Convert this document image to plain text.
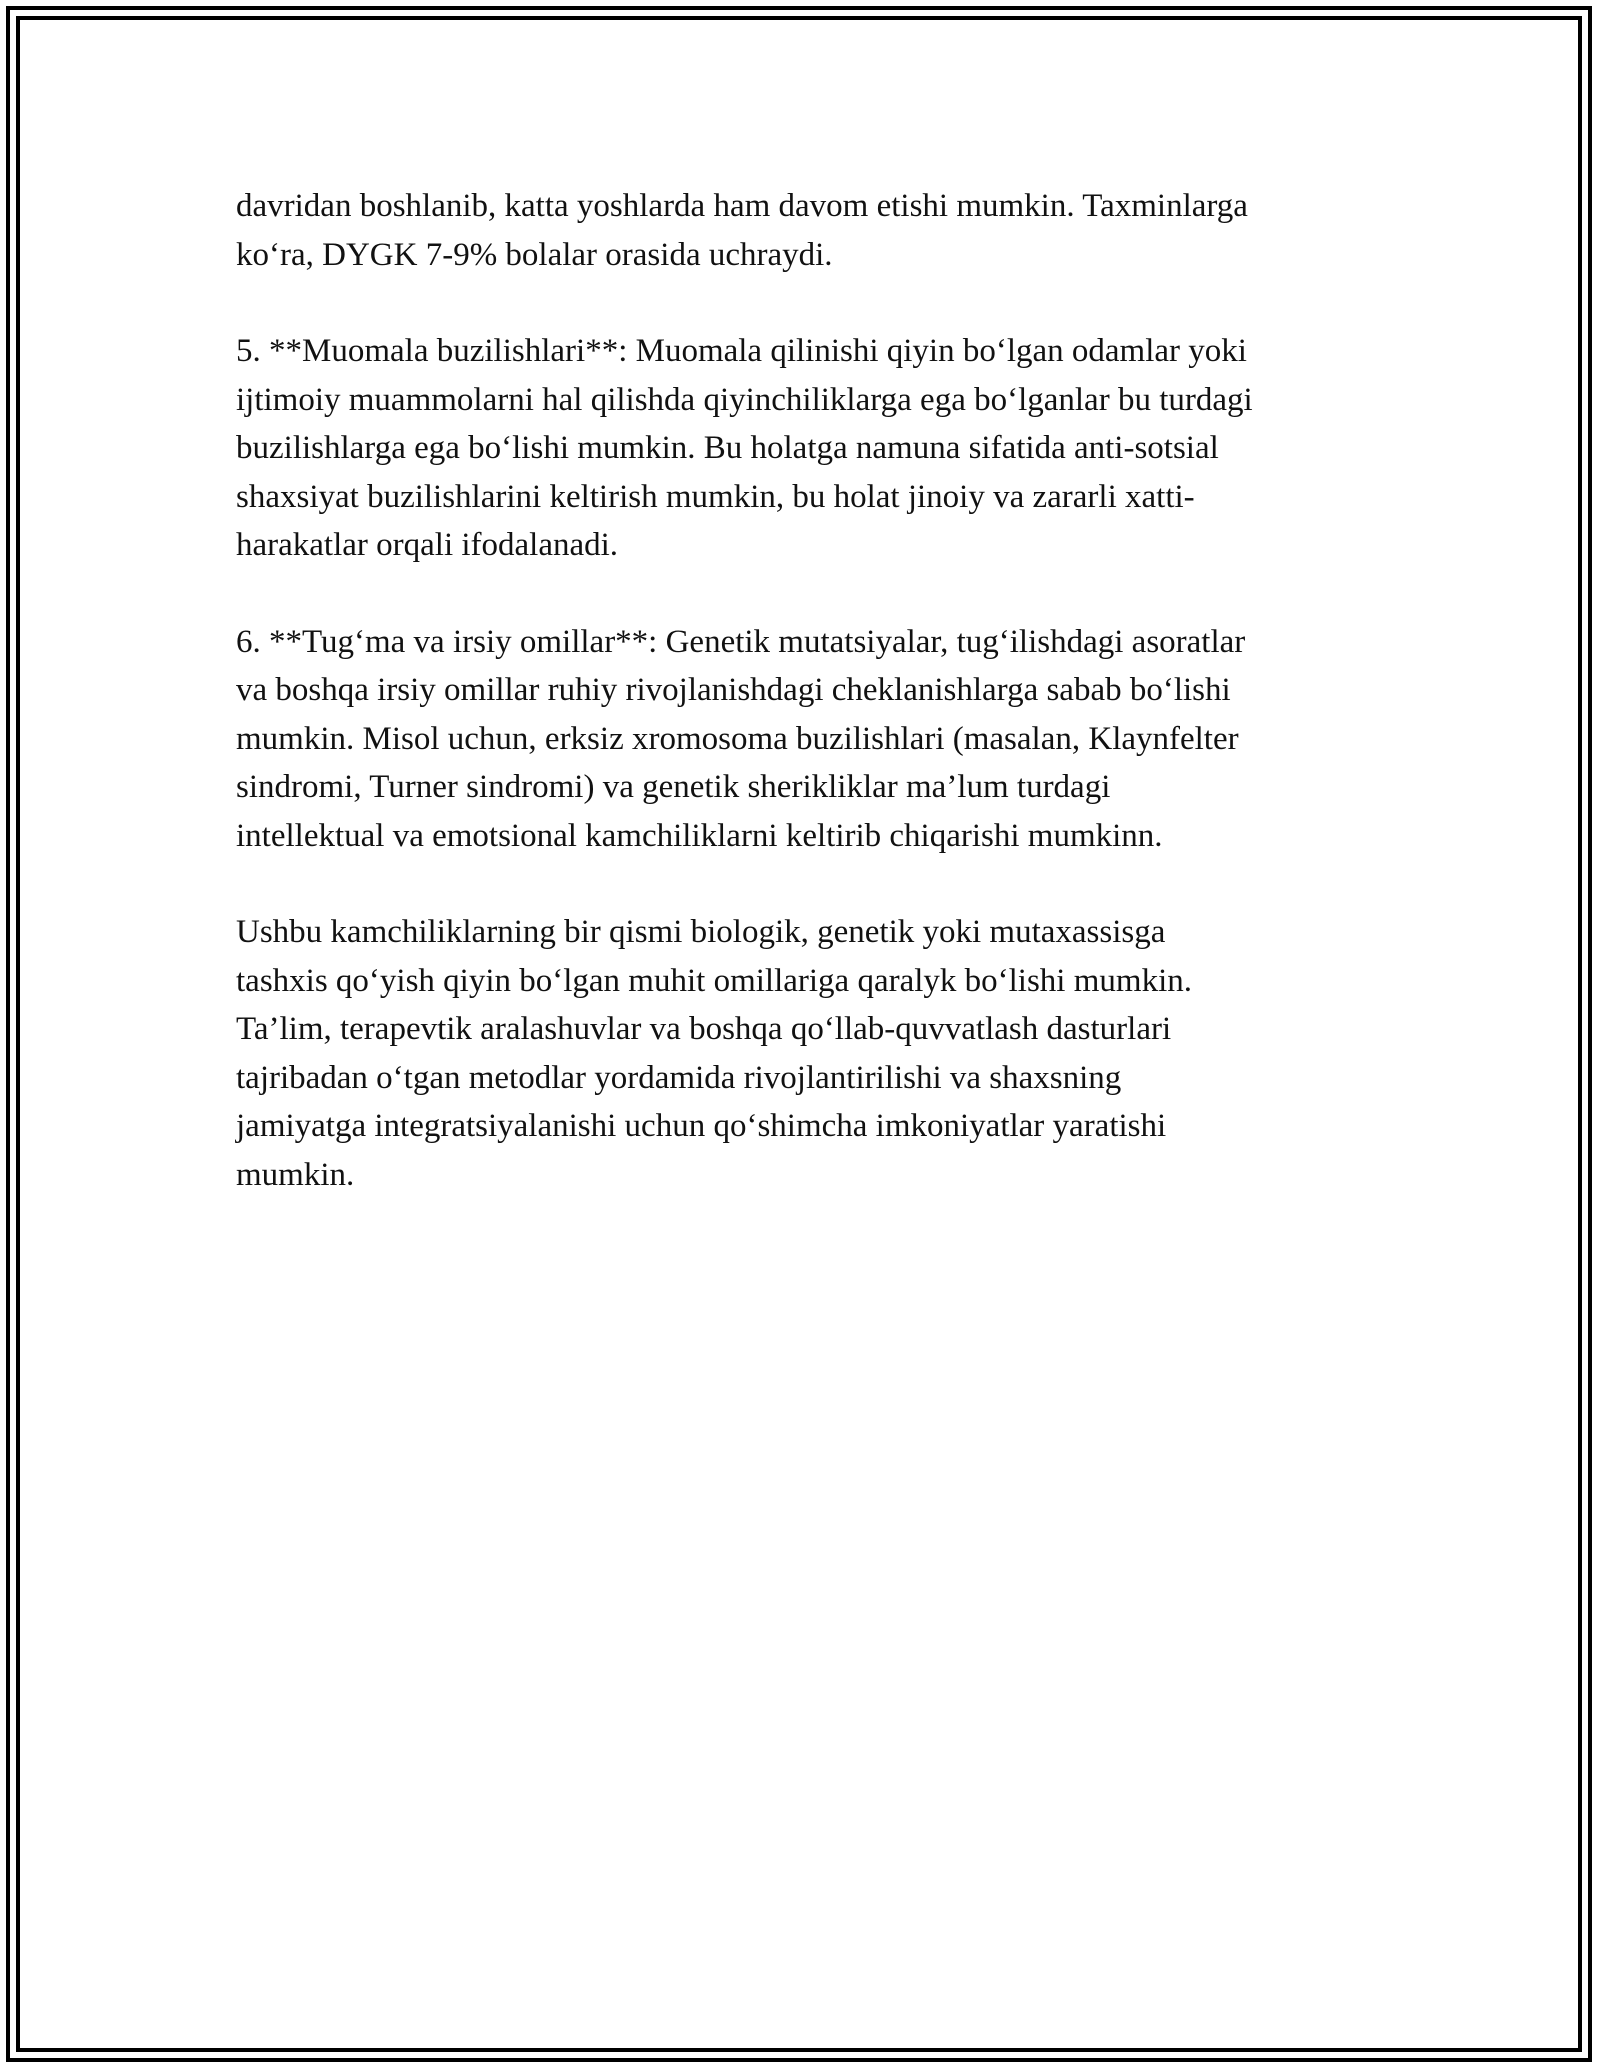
davridan boshlanib, katta yoshlarda ham davom etishi mumkin. Taxminlarga
ko‘ra, DYGK 7-9% bolalar orasida uchraydi.

5. **Muomala buzilishlari**: Muomala qilinishi qiyin bo‘lgan odamlar yoki
ijtimoiy muammolarni hal qilishda qiyinchiliklarga ega bo‘lganlar bu turdagi
buzilishlarga ega bo‘lishi mumkin. Bu holatga namuna sifatida anti-sotsial
shaxsiyat buzilishlarini keltirish mumkin, bu holat jinoiy va zararli xatti-
harakatlar orqali ifodalanadi.

6. **Tug‘ma va irsiy omillar**: Genetik mutatsiyalar, tug‘ilishdagi asoratlar
va boshqa irsiy omillar ruhiy rivojlanishdagi cheklanishlarga sabab bo‘lishi
mumkin. Misol uchun, erksiz xromosoma buzilishlari (masalan, Klaynfelter
sindromi, Turner sindromi) va genetik sherikliklar ma’lum turdagi
intellektual va emotsional kamchiliklarni keltirib chiqarishi mumkinn.

Ushbu kamchiliklarning bir qismi biologik, genetik yoki mutaxassisga
tashxis qo‘yish qiyin bo‘lgan muhit omillariga qaralyk bo‘lishi mumkin.
Ta’lim, terapevtik aralashuvlar va boshqa qo‘llab-quvvatlash dasturlari
tajribadan o‘tgan metodlar yordamida rivojlantirilishi va shaxsning
jamiyatga integratsiyalanishi uchun qo‘shimcha imkoniyatlar yaratishi
mumkin.
